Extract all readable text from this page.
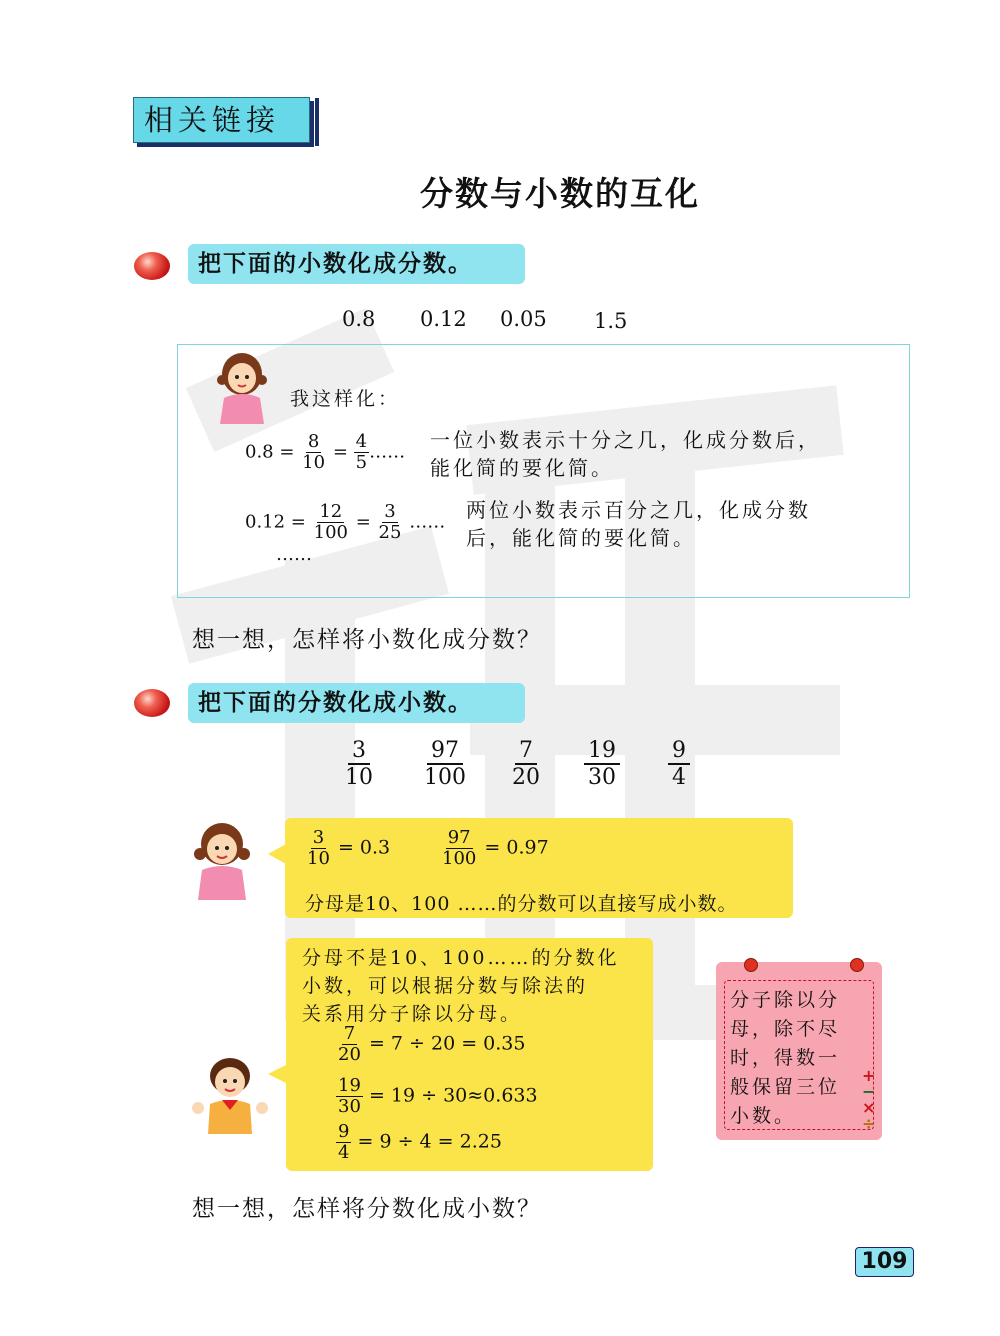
相关链接
分数与小数的互化
把下面的小数化成分数。
0.8 0.12 0.05 1.5
我这样化：
$0.8 = \frac{8}{10} = \frac{4}{5}$ …… 一位小数表示十分之几，化成分数后，
能化简的要化简。
$0.12 = \frac{12}{100} = \frac{3}{25}$ …… 两位小数表示百分之几，化成分数
后，能化简的要化简。
……
想一想，怎样将小数化成分数？
把下面的分数化成小数。
$\frac{3}{10} \frac{97}{100} \frac{7}{20} \frac{19}{30} \frac{9}{4}$
$\frac{3}{10} = 0.3$	$\frac{97}{100} = 0.97$
分母是10、100 ……的分数可以直接写成小数。
分母不是10、100……的分数化
小数，可以根据分数与除法的
关系用分子除以分母。
$\frac{7}{20} = 7 \div 20 = 0.35$
$\frac{19}{30} = 19 \div 30\approx 0.633$
$\frac{9}{4} = 9 \div 4 = 2.25$
分子除以分
母，除不尽
时，得数一
般保留三位
小数。
+
−
×
÷
想一想，怎样将分数化成小数？
109
